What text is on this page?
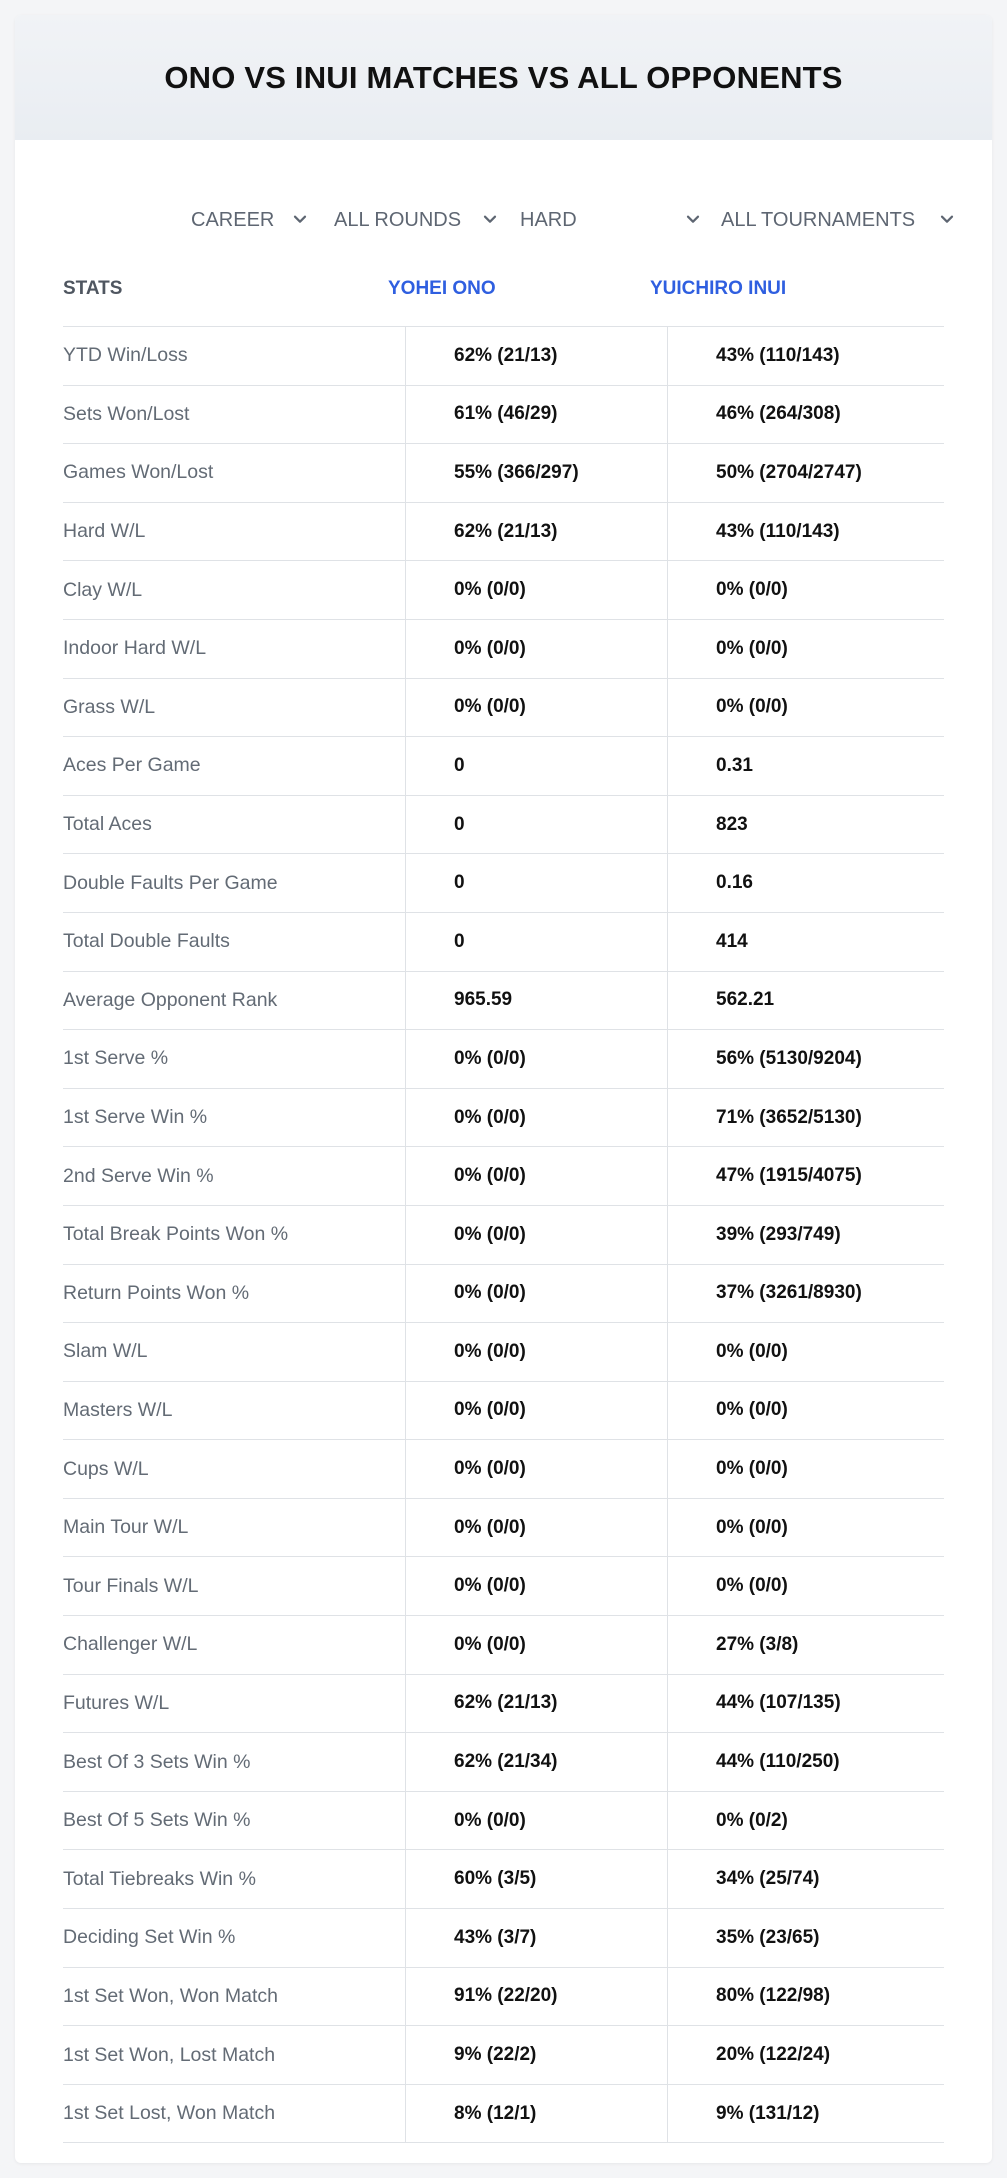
ONO VS INUI MATCHES VS ALL OPPONENTS
CAREER	ALL ROUNDS	HARD	ALL TOURNAMENTS
STATS	YOHEI ONO	YUICHIRO INUI
YTD Win/Loss	62% (21/13)	43% (110/143)
Sets Won/Lost	61% (46/29)	46% (264/308)
Games Won/Lost	55% (366/297)	50% (2704/2747)
Hard W/L	62% (21/13)	43% (110/143)
Clay W/L	0% (0/0)	0% (0/0)
Indoor Hard W/L	0% (0/0)	0% (0/0)
Grass W/L	0% (0/0)	0% (0/0)
Aces Per Game	0	0.31
Total Aces	0	823
Double Faults Per Game	0	0.16
Total Double Faults	0	414
Average Opponent Rank	965.59	562.21
1st Serve %	0% (0/0)	56% (5130/9204)
1st Serve Win %	0% (0/0)	71% (3652/5130)
2nd Serve Win %	0% (0/0)	47% (1915/4075)
Total Break Points Won %	0% (0/0)	39% (293/749)
Return Points Won %	0% (0/0)	37% (3261/8930)
Slam W/L	0% (0/0)	0% (0/0)
Masters W/L	0% (0/0)	0% (0/0)
Cups W/L	0% (0/0)	0% (0/0)
Main Tour W/L	0% (0/0)	0% (0/0)
Tour Finals W/L	0% (0/0)	0% (0/0)
Challenger W/L	0% (0/0)	27% (3/8)
Futures W/L	62% (21/13)	44% (107/135)
Best Of 3 Sets Win %	62% (21/34)	44% (110/250)
Best Of 5 Sets Win %	0% (0/0)	0% (0/2)
Total Tiebreaks Win %	60% (3/5)	34% (25/74)
Deciding Set Win %	43% (3/7)	35% (23/65)
1st Set Won, Won Match	91% (22/20)	80% (122/98)
1st Set Won, Lost Match	9% (22/2)	20% (122/24)
1st Set Lost, Won Match	8% (12/1)	9% (131/12)
